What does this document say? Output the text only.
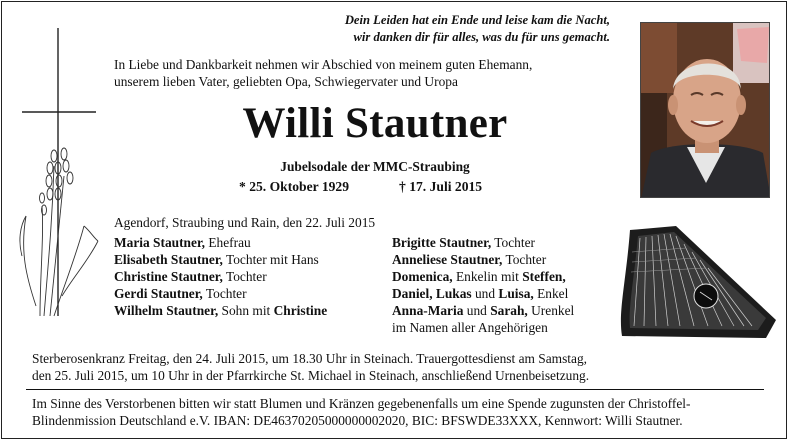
Dein Leiden hat ein Ende und leise kam die Nacht,
wir danken dir für alles, was du für uns gemacht.
In Liebe und Dankbarkeit nehmen wir Abschied von meinem guten Ehemann,
unserem lieben Vater, geliebten Opa, Schwiegervater und Uropa
Willi Stautner
Jubelsodale der MMC-Straubing
* 25. Oktober 1929	† 17. Juli 2015
Agendorf, Straubing und Rain, den 22. Juli 2015
Maria Stautner, Ehefrau
Elisabeth Stautner, Tochter mit Hans
Christine Stautner, Tochter
Gerdi Stautner, Tochter
Wilhelm Stautner, Sohn mit Christine
Brigitte Stautner, Tochter
Anneliese Stautner, Tochter
Domenica, Enkelin mit Steffen,
Daniel, Lukas und Luisa, Enkel
Anna-Maria und Sarah, Urenkel
im Namen aller Angehörigen
Sterberosenkranz Freitag, den 24. Juli 2015, um 18.30 Uhr in Steinach. Trauergottesdienst am Samstag,
den 25. Juli 2015, um 10 Uhr in der Pfarrkirche St. Michael in Steinach, anschließend Urnenbeisetzung.
Im Sinne des Verstorbenen bitten wir statt Blumen und Kränzen gegebenenfalls um eine Spende zugunsten der Christoffel-
Blindenmission Deutschland e.V. IBAN: DE46370205000000002020, BIC: BFSWDE33XXX, Kennwort: Willi Stautner.
